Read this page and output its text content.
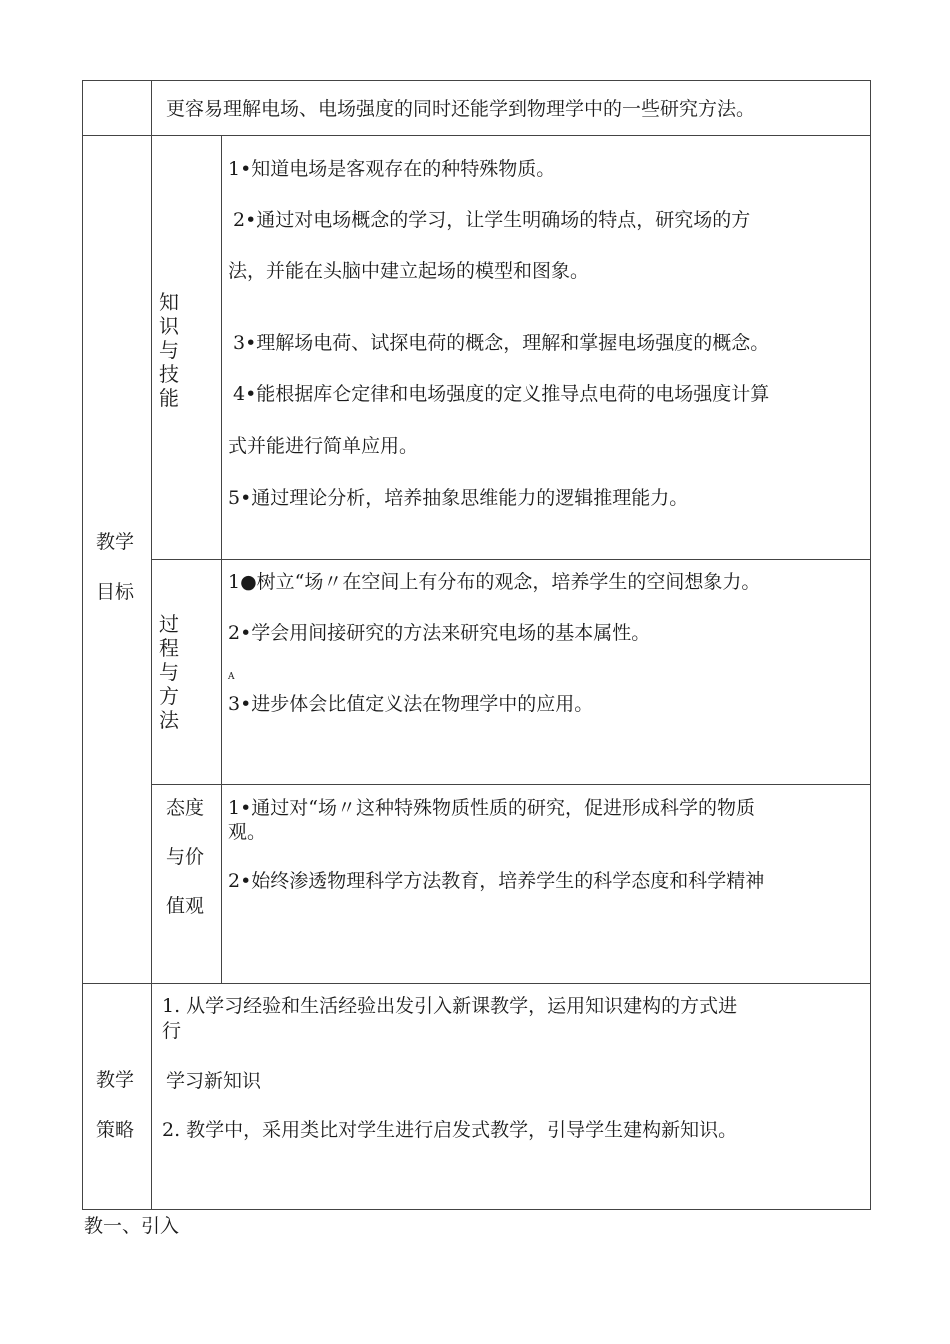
更容易理解电场、电场强度的同时还能学到物理学中的一些研究方法。
教学
目标
知识与技能
1•知道电场是客观存在的种特殊物质。
2•通过对电场概念的学习，让学生明确场的特点，研究场的方
法，并能在头脑中建立起场的模型和图象。
3•理解场电荷、试探电荷的概念，理解和掌握电场强度的概念。
4•能根据库仑定律和电场强度的定义推导点电荷的电场强度计算
式并能进行简单应用。
5•通过理论分析，培养抽象思维能力的逻辑推理能力。
过程与方法
1●树立“场〃在空间上有分布的观念，培养学生的空间想象力。
2•学会用间接研究的方法来研究电场的基本属性。
A
3•进步体会比值定义法在物理学中的应用。
态度
与价
值观
1•通过对“场〃这种特殊物质性质的研究，促进形成科学的物质
观。
2•始终渗透物理科学方法教育，培养学生的科学态度和科学精神
教学
策略
1. 从学习经验和生活经验出发引入新课教学，运用知识建构的方式进
行
学习新知识
2. 教学中，采用类比对学生进行启发式教学，引导学生建构新知识。
教一、引入
